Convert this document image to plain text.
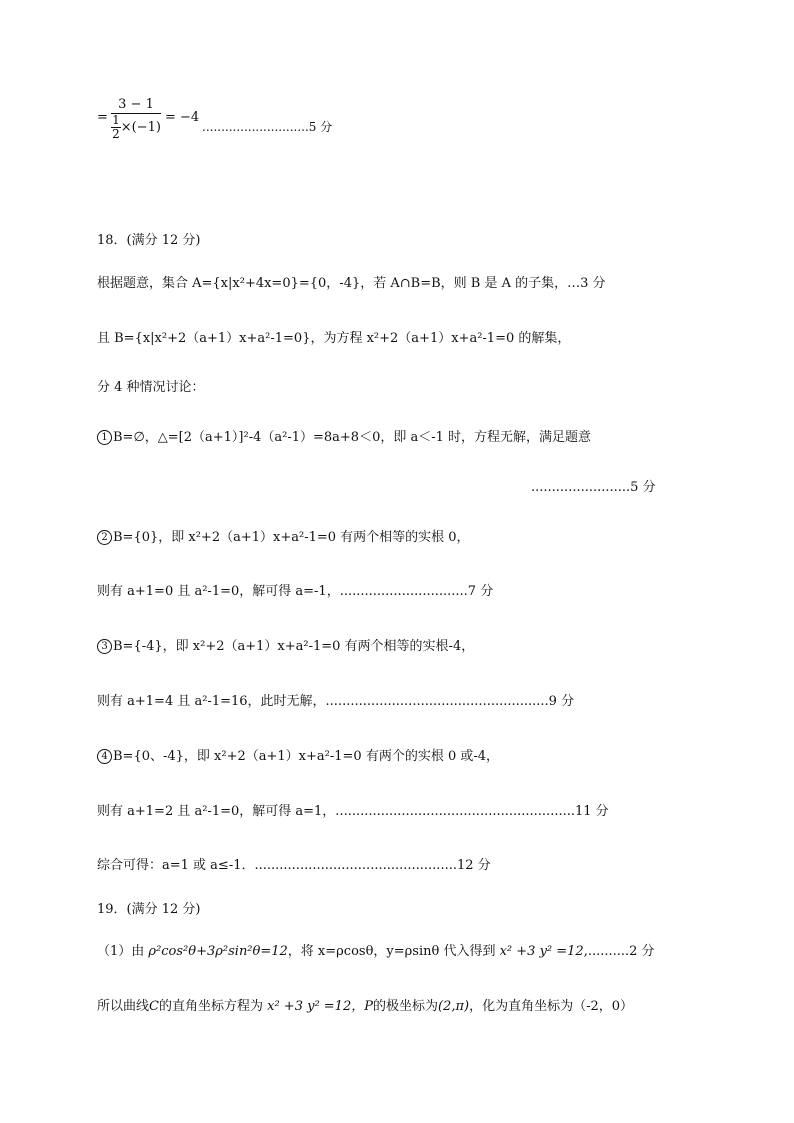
= $\frac{3 - 1}{\frac{1}{2} \times(-1)} = -4$
............................5 分
18．(满分 12 分)
根据题意，集合 A={x|x²+4x=0}={0，-4}，若 A∩B=B，则 B 是 A 的子集，…3 分
且 B={x|x²+2（a+1）x+a²-1=0}，为方程 x²+2（a+1）x+a²-1=0 的解集，
分 4 种情况讨论：
1 B=∅，△=[2（a+1）]²-4（a²-1）=8a+8＜0，即 a＜-1 时，方程无解，满足题意
........................5 分
2 B={0}，即 x²+2（a+1）x+a²-1=0 有两个相等的实根 0，
则有 a+1=0 且 a²-1=0，解可得 a=-1，...............................7 分
3 B={-4}，即 x²+2（a+1）x+a²-1=0 有两个相等的实根-4，
则有 a+1=4 且 a²-1=16，此时无解，......................................................9 分
4 B={0、-4}，即 x²+2（a+1）x+a²-1=0 有两个的实根 0 或-4，
则有 a+1=2 且 a²-1=0，解可得 a=1，..........................................................11 分
综合可得：a=1 或 a≤-1．.................................................12 分
19．(满分 12 分)
（1）由 ρ²cos²θ+3ρ²sin²θ=12，将 x=ρcosθ，y=ρsinθ 代入得到 x² +3 y² =12,..........2 分
所以曲线C的直角坐标方程为 x² +3 y² =12，P的极坐标为(2,π)，化为直角坐标为（-2，0）
